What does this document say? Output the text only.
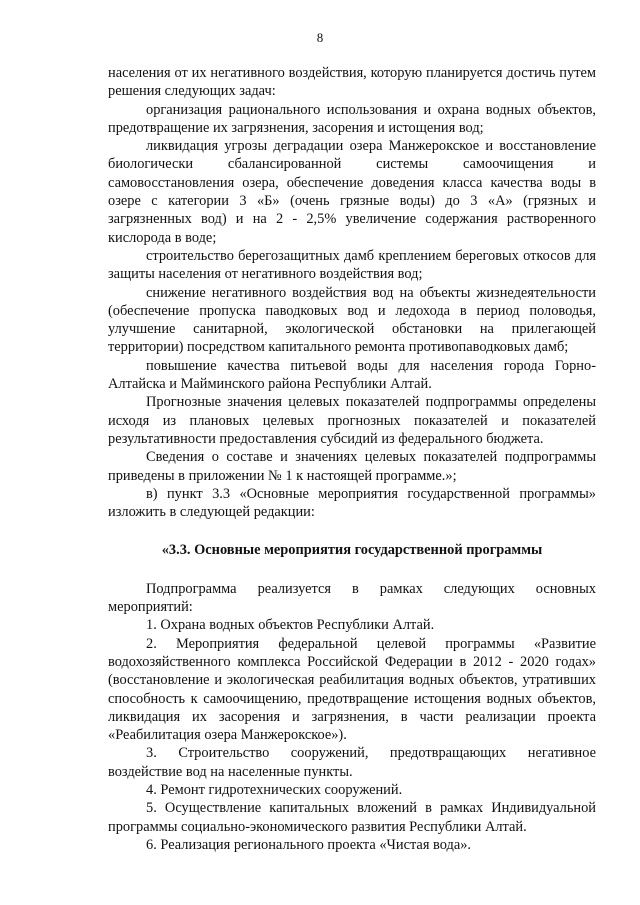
8

населения от их негативного воздействия, которую планируется достичь путем решения следующих задач:

организация рационального использования и охрана водных объектов, предотвращение их загрязнения, засорения и истощения вод;

ликвидация угрозы деградации озера Манжерокское и восстановление биологически сбалансированной системы самоочищения и самовосстановления озера, обеспечение доведения класса качества воды в озере с категории 3 «Б» (очень грязные воды) до 3 «А» (грязных и загрязненных вод) и на 2 - 2,5% увеличение содержания растворенного кислорода в воде;

строительство берегозащитных дамб креплением береговых откосов для защиты населения от негативного воздействия вод;

снижение негативного воздействия вод на объекты жизнедеятельности (обеспечение пропуска паводковых вод и ледохода в период половодья, улучшение санитарной, экологической обстановки на прилегающей территории) посредством капитального ремонта противопаводковых дамб;

повышение качества питьевой воды для населения города Горно-Алтайска и Майминского района Республики Алтай.

Прогнозные значения целевых показателей подпрограммы определены исходя из плановых целевых прогнозных показателей и показателей результативности предоставления субсидий из федерального бюджета.

Сведения о составе и значениях целевых показателей подпрограммы приведены в приложении № 1 к настоящей программе.»;

в) пункт 3.3 «Основные мероприятия государственной программы» изложить в следующей редакции:

«3.3. Основные мероприятия государственной программы

Подпрограмма реализуется в рамках следующих основных мероприятий:

1. Охрана водных объектов Республики Алтай.

2. Мероприятия федеральной целевой программы «Развитие водохозяйственного комплекса Российской Федерации в 2012 - 2020 годах» (восстановление и экологическая реабилитация водных объектов, утративших способность к самоочищению, предотвращение истощения водных объектов, ликвидация их засорения и загрязнения, в части реализации проекта «Реабилитация озера Манжерокское»).

3. Строительство сооружений, предотвращающих негативное воздействие вод на населенные пункты.

4. Ремонт гидротехнических сооружений.

5. Осуществление капитальных вложений в рамках Индивидуальной программы социально-экономического развития Республики Алтай.

6. Реализация регионального проекта «Чистая вода».
